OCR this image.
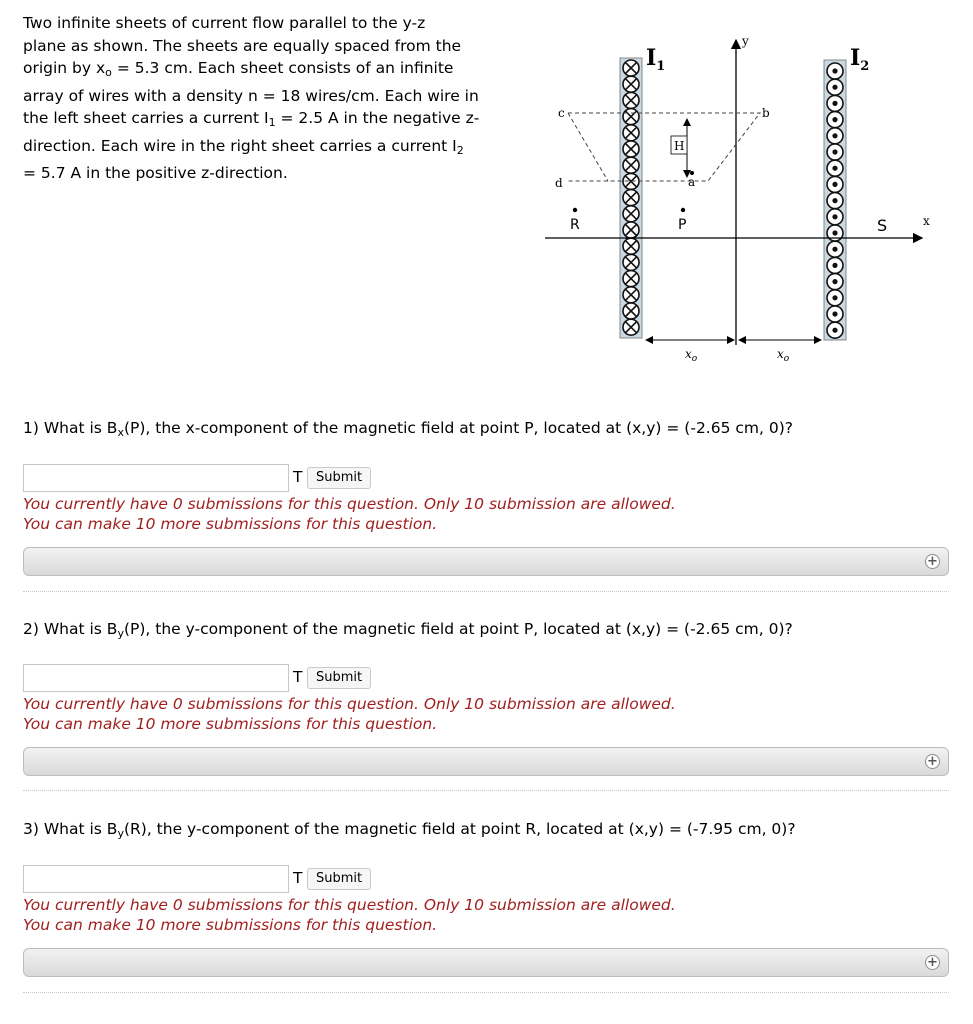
Two infinite sheets of current flow parallel to the y-z
plane as shown. The sheets are equally spaced from the
origin by $x_o = 5.3$ cm. Each sheet consists of an infinite
array of wires with a density n = 18 wires/cm. Each wire in
the left sheet carries a current $I_1 = 2.5$ A in the negative z-
direction. Each wire in the right sheet carries a current $I_2$
= 5.7 A in the positive z-direction.
$I_1$	$I_2$
y
x
c	b
a
d
H
R	P	S
$x_o$	$x_o$
1) What is $B_x(P)$, the x-component of the magnetic field at point P, located at (x,y) = (-2.65 cm, 0)?
T	Submit
You currently have 0 submissions for this question. Only 10 submission are allowed.
You can make 10 more submissions for this question.
+
2) What is $B_y(P)$, the y-component of the magnetic field at point P, located at (x,y) = (-2.65 cm, 0)?
T	Submit
You currently have 0 submissions for this question. Only 10 submission are allowed.
You can make 10 more submissions for this question.
+
3) What is $B_y(R)$, the y-component of the magnetic field at point R, located at (x,y) = (-7.95 cm, 0)?
T	Submit
You currently have 0 submissions for this question. Only 10 submission are allowed.
You can make 10 more submissions for this question.
+
